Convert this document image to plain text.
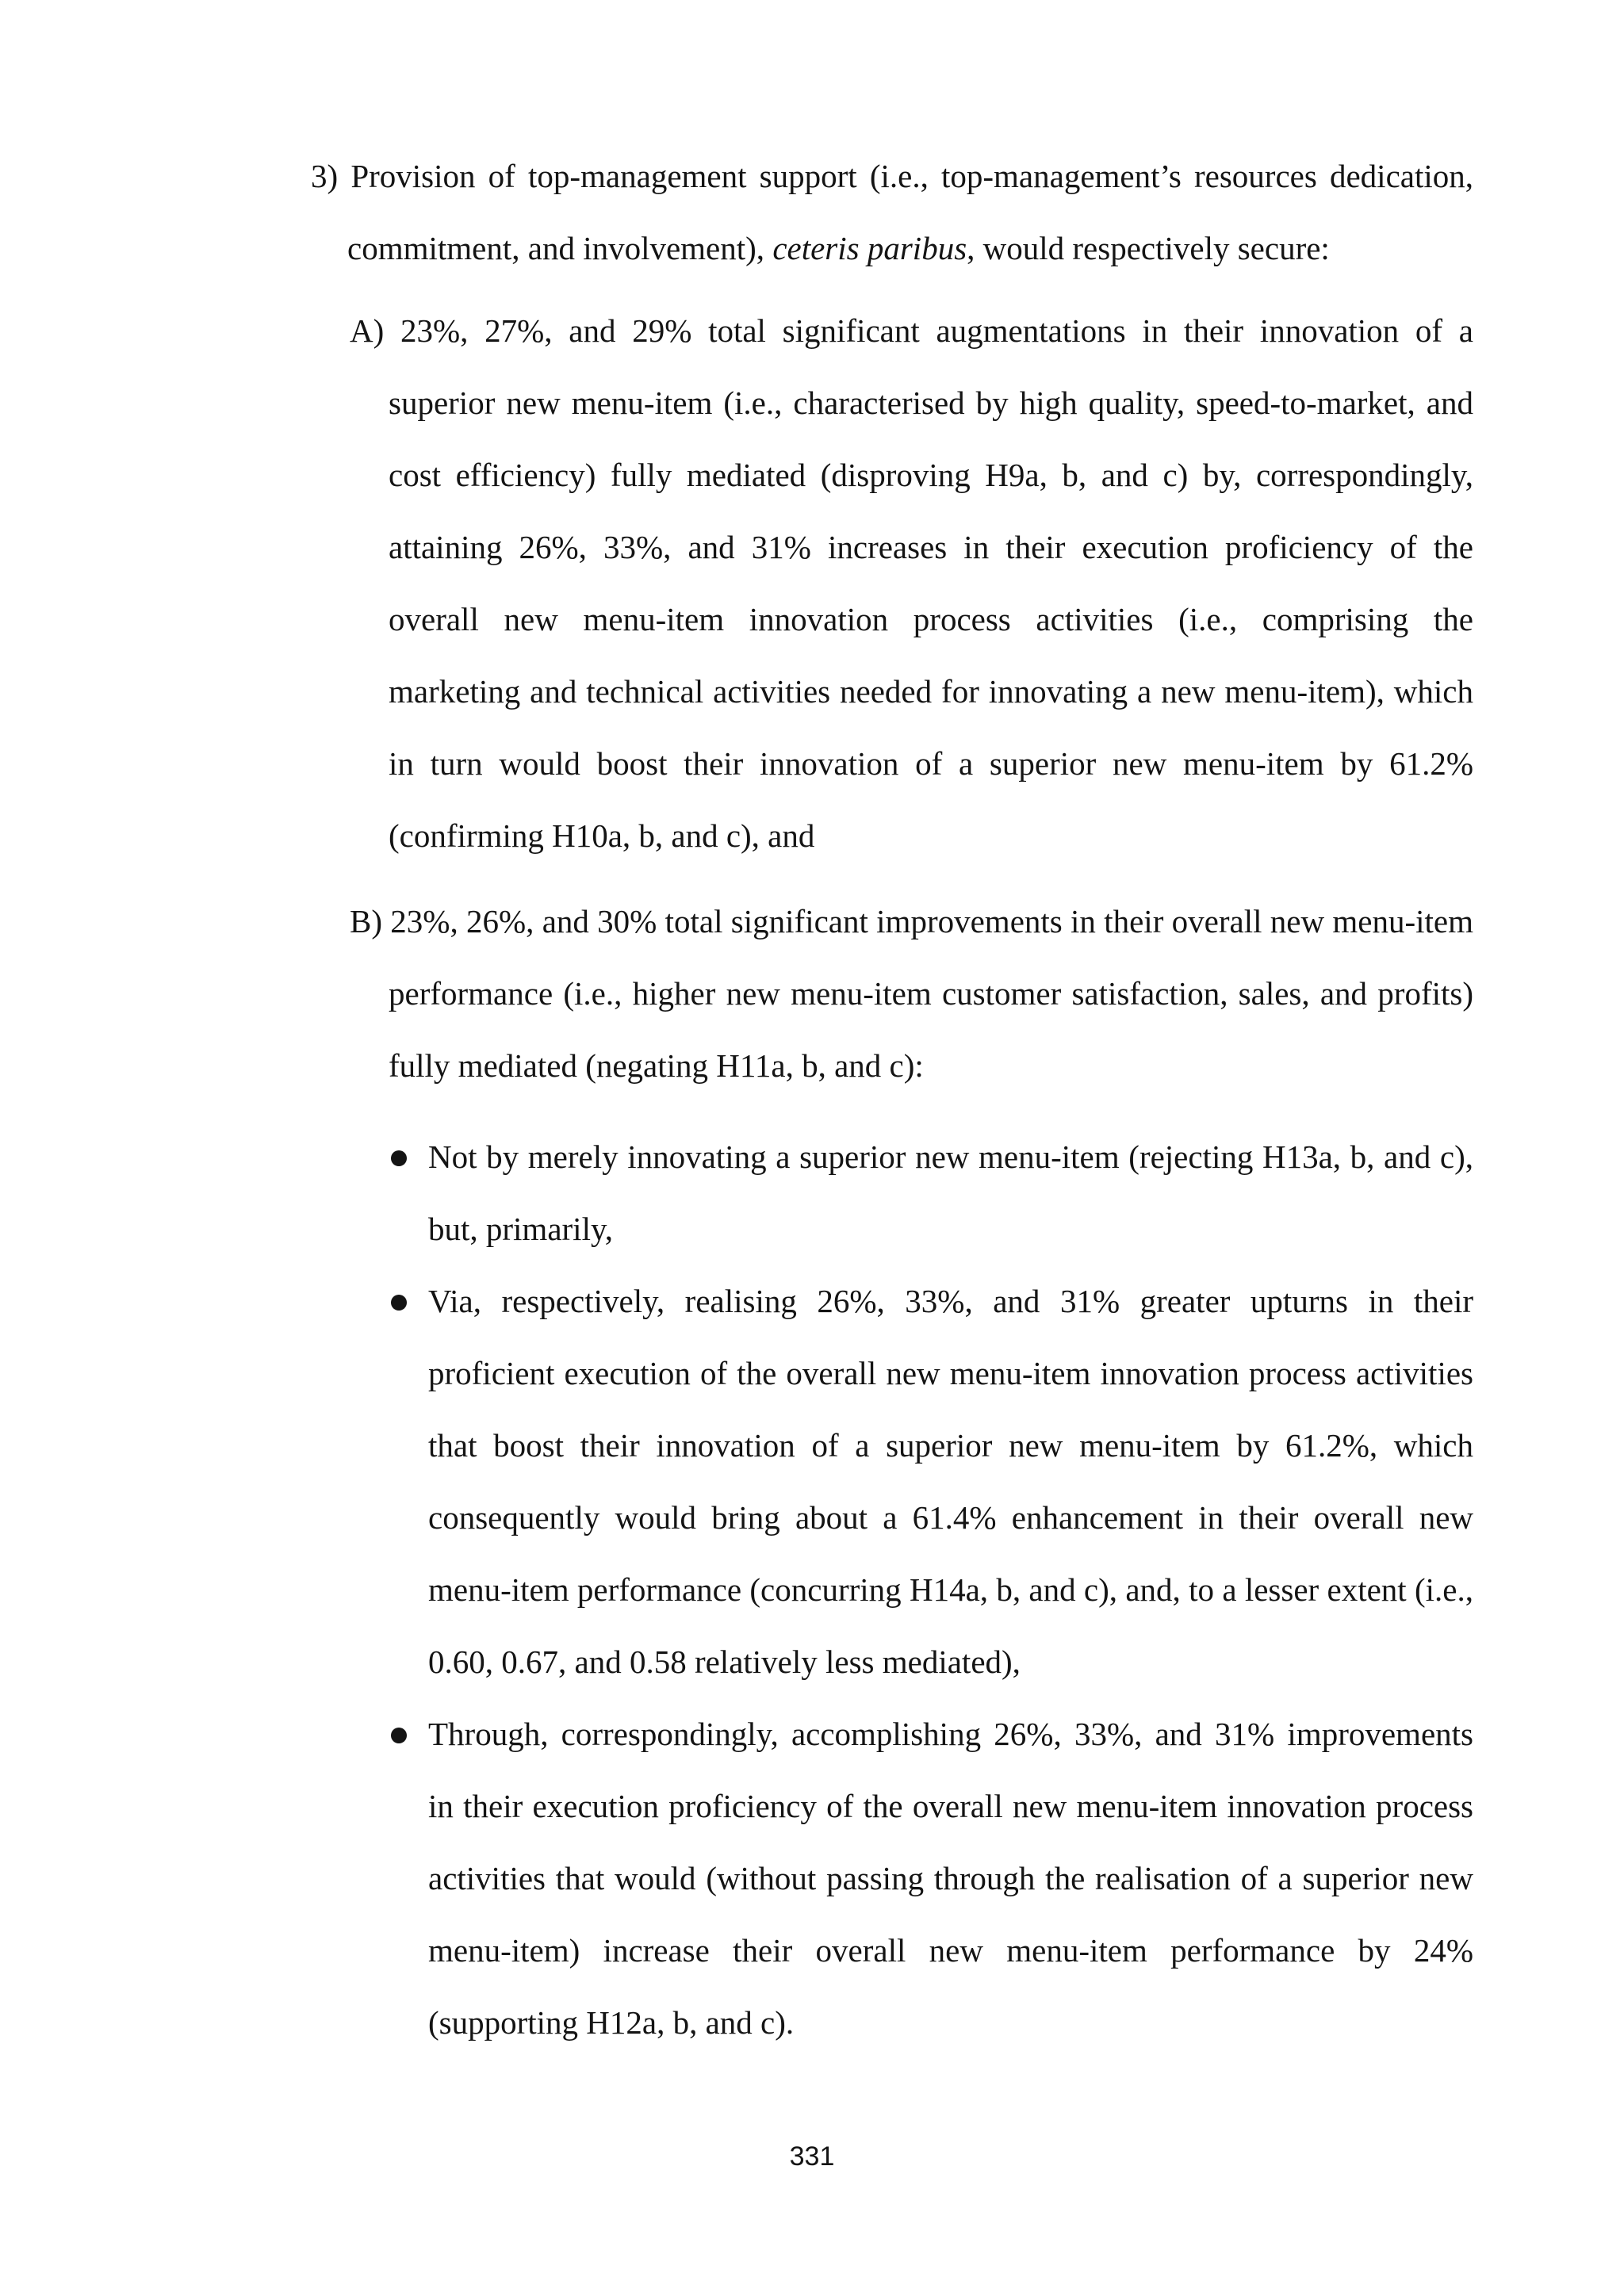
3) Provision of top-management support (i.e., top-management’s resources dedication, commitment, and involvement), ceteris paribus, would respectively secure:

A) 23%, 27%, and 29% total significant augmentations in their innovation of a superior new menu-item (i.e., characterised by high quality, speed-to-market, and cost efficiency) fully mediated (disproving H9a, b, and c) by, correspondingly, attaining 26%, 33%, and 31% increases in their execution proficiency of the overall new menu-item innovation process activities (i.e., comprising the marketing and technical activities needed for innovating a new menu-item), which in turn would boost their innovation of a superior new menu-item by 61.2% (confirming H10a, b, and c), and

B) 23%, 26%, and 30% total significant improvements in their overall new menu-item performance (i.e., higher new menu-item customer satisfaction, sales, and profits) fully mediated (negating H11a, b, and c):

Not by merely innovating a superior new menu-item (rejecting H13a, b, and c), but, primarily,

Via, respectively, realising 26%, 33%, and 31% greater upturns in their proficient execution of the overall new menu-item innovation process activities that boost their innovation of a superior new menu-item by 61.2%, which consequently would bring about a 61.4% enhancement in their overall new menu-item performance (concurring H14a, b, and c), and, to a lesser extent (i.e., 0.60, 0.67, and 0.58 relatively less mediated),

Through, correspondingly, accomplishing 26%, 33%, and 31% improvements in their execution proficiency of the overall new menu-item innovation process activities that would (without passing through the realisation of a superior new menu-item) increase their overall new menu-item performance by 24% (supporting H12a, b, and c).

331
